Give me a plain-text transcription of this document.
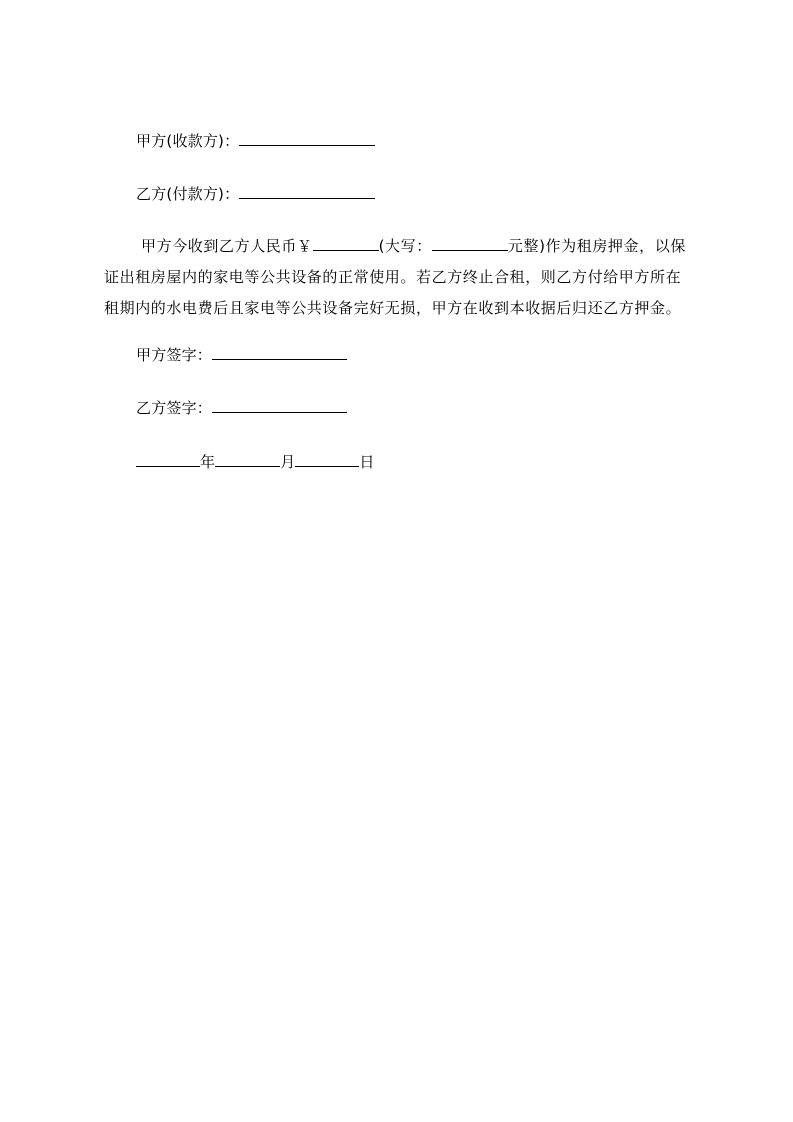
甲方(收款方)：
乙方(付款方)：
甲方今收到乙方人民币￥	(大写：	元整)作为租房押金，以保证出租房屋内的家电等公共设备的正常使用。若乙方终止合租，则乙方付给甲方所在租期内的水电费后且家电等公共设备完好无损，甲方在收到本收据后归还乙方押金。
甲方签字：
乙方签字：
年	月	日
